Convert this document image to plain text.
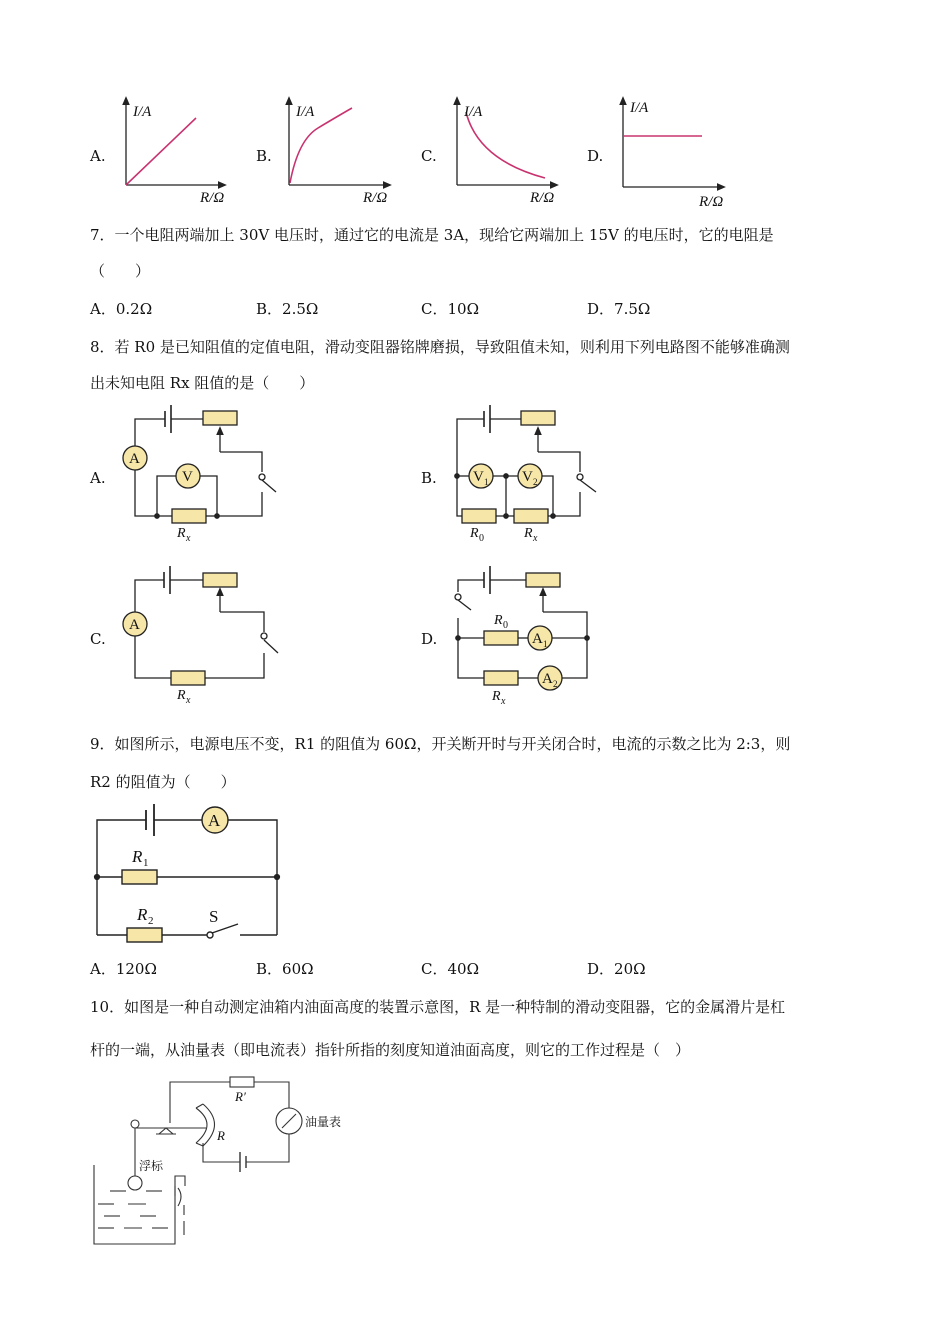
A.	B.	C.	D.
I/A
R/Ω
I/A
R/Ω
I/A
R/Ω
I/A
R/Ω
7．一个电阻两端加上 30V 电压时，通过它的电流是 3A，现给它两端加上 15V 的电压时，它的电阻是
（　　）
A．0.2Ω	B．2.5Ω	C．10Ω	D．7.5Ω
8．若 R0 是已知阻值的定值电阻，滑动变阻器铭牌磨损，导致阻值未知，则利用下列电路图不能够准确测
出未知电阻 Rx 阻值的是（　　）
A.	B.
C.	D.
A
V
R x
V 1 V 2
R 0	R x
A
R x
R 0
A 1
A 2
R x
9．如图所示，电源电压不变，R1 的阻值为 60Ω，开关断开时与开关闭合时，电流的示数之比为 2:3，则
R2 的阻值为（　　）
A
R 1
R 2	S
A．120Ω	B．60Ω	C．40Ω	D．20Ω
10．如图是一种自动测定油箱内油面高度的装置示意图，R 是一种特制的滑动变阻器，它的金属滑片是杠
杆的一端，从油量表（即电流表）指针所指的刻度知道油面高度，则它的工作过程是（　）
R′
R
油量表
浮标
